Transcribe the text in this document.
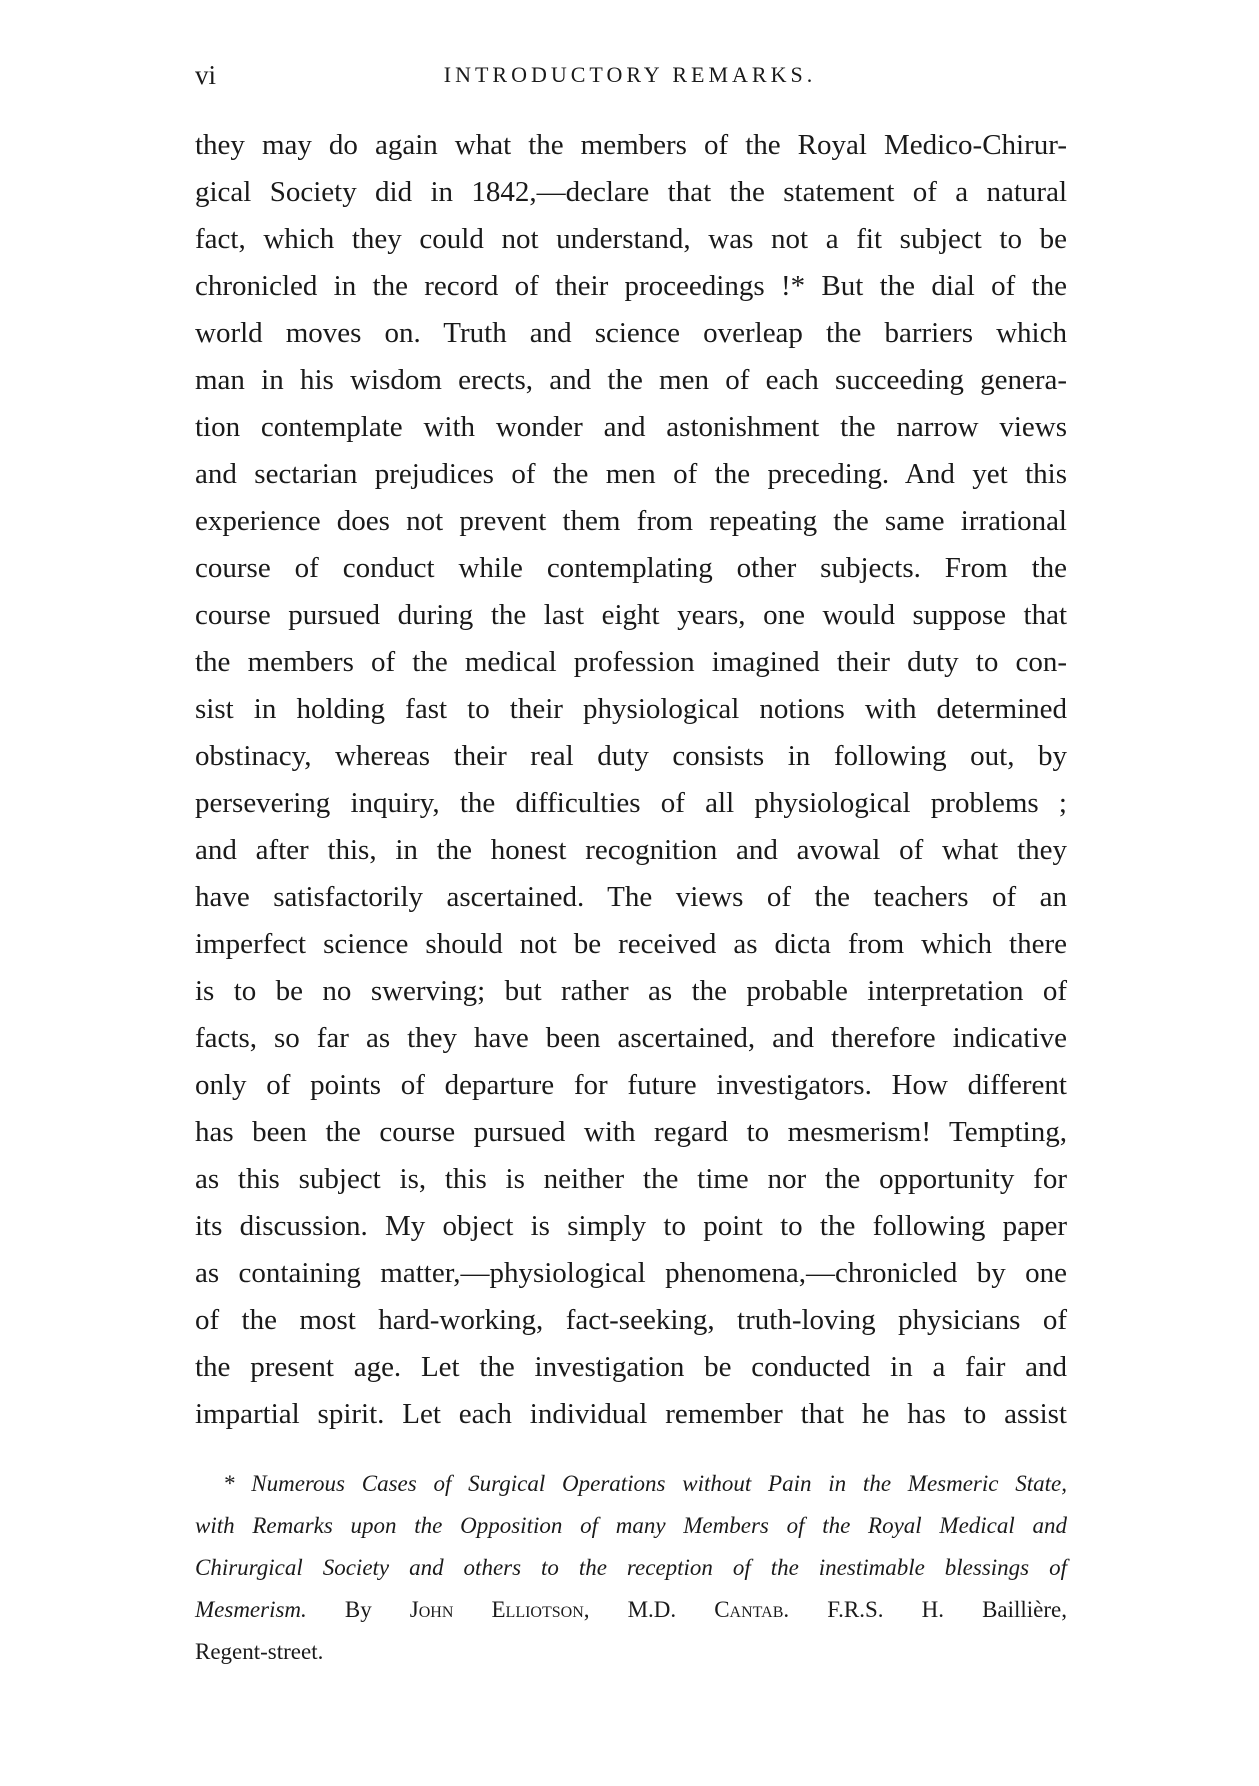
vi	INTRODUCTORY REMARKS.
they may do again what the members of the Royal Medico-Chirur-
gical Society did in 1842,—declare that the statement of a natural
fact, which they could not understand, was not a fit subject to be
chronicled in the record of their proceedings !* But the dial of the
world moves on. Truth and science overleap the barriers which
man in his wisdom erects, and the men of each succeeding genera-
tion contemplate with wonder and astonishment the narrow views
and sectarian prejudices of the men of the preceding. And yet this
experience does not prevent them from repeating the same irrational
course of conduct while contemplating other subjects. From the
course pursued during the last eight years, one would suppose that
the members of the medical profession imagined their duty to con-
sist in holding fast to their physiological notions with determined
obstinacy, whereas their real duty consists in following out, by
persevering inquiry, the difficulties of all physiological problems ;
and after this, in the honest recognition and avowal of what they
have satisfactorily ascertained. The views of the teachers of an
imperfect science should not be received as dicta from which there
is to be no swerving; but rather as the probable interpretation of
facts, so far as they have been ascertained, and therefore indicative
only of points of departure for future investigators. How different
has been the course pursued with regard to mesmerism! Tempting,
as this subject is, this is neither the time nor the opportunity for
its discussion. My object is simply to point to the following paper
as containing matter,—physiological phenomena,—chronicled by one
of the most hard-working, fact-seeking, truth-loving physicians of
the present age. Let the investigation be conducted in a fair and
impartial spirit. Let each individual remember that he has to assist
* Numerous Cases of Surgical Operations without Pain in the Mesmeric State,
with Remarks upon the Opposition of many Members of the Royal Medical and
Chirurgical Society and others to the reception of the inestimable blessings of
Mesmerism. By John Elliotson, M.D. Cantab. F.R.S. H. Baillière,
Regent-street.
